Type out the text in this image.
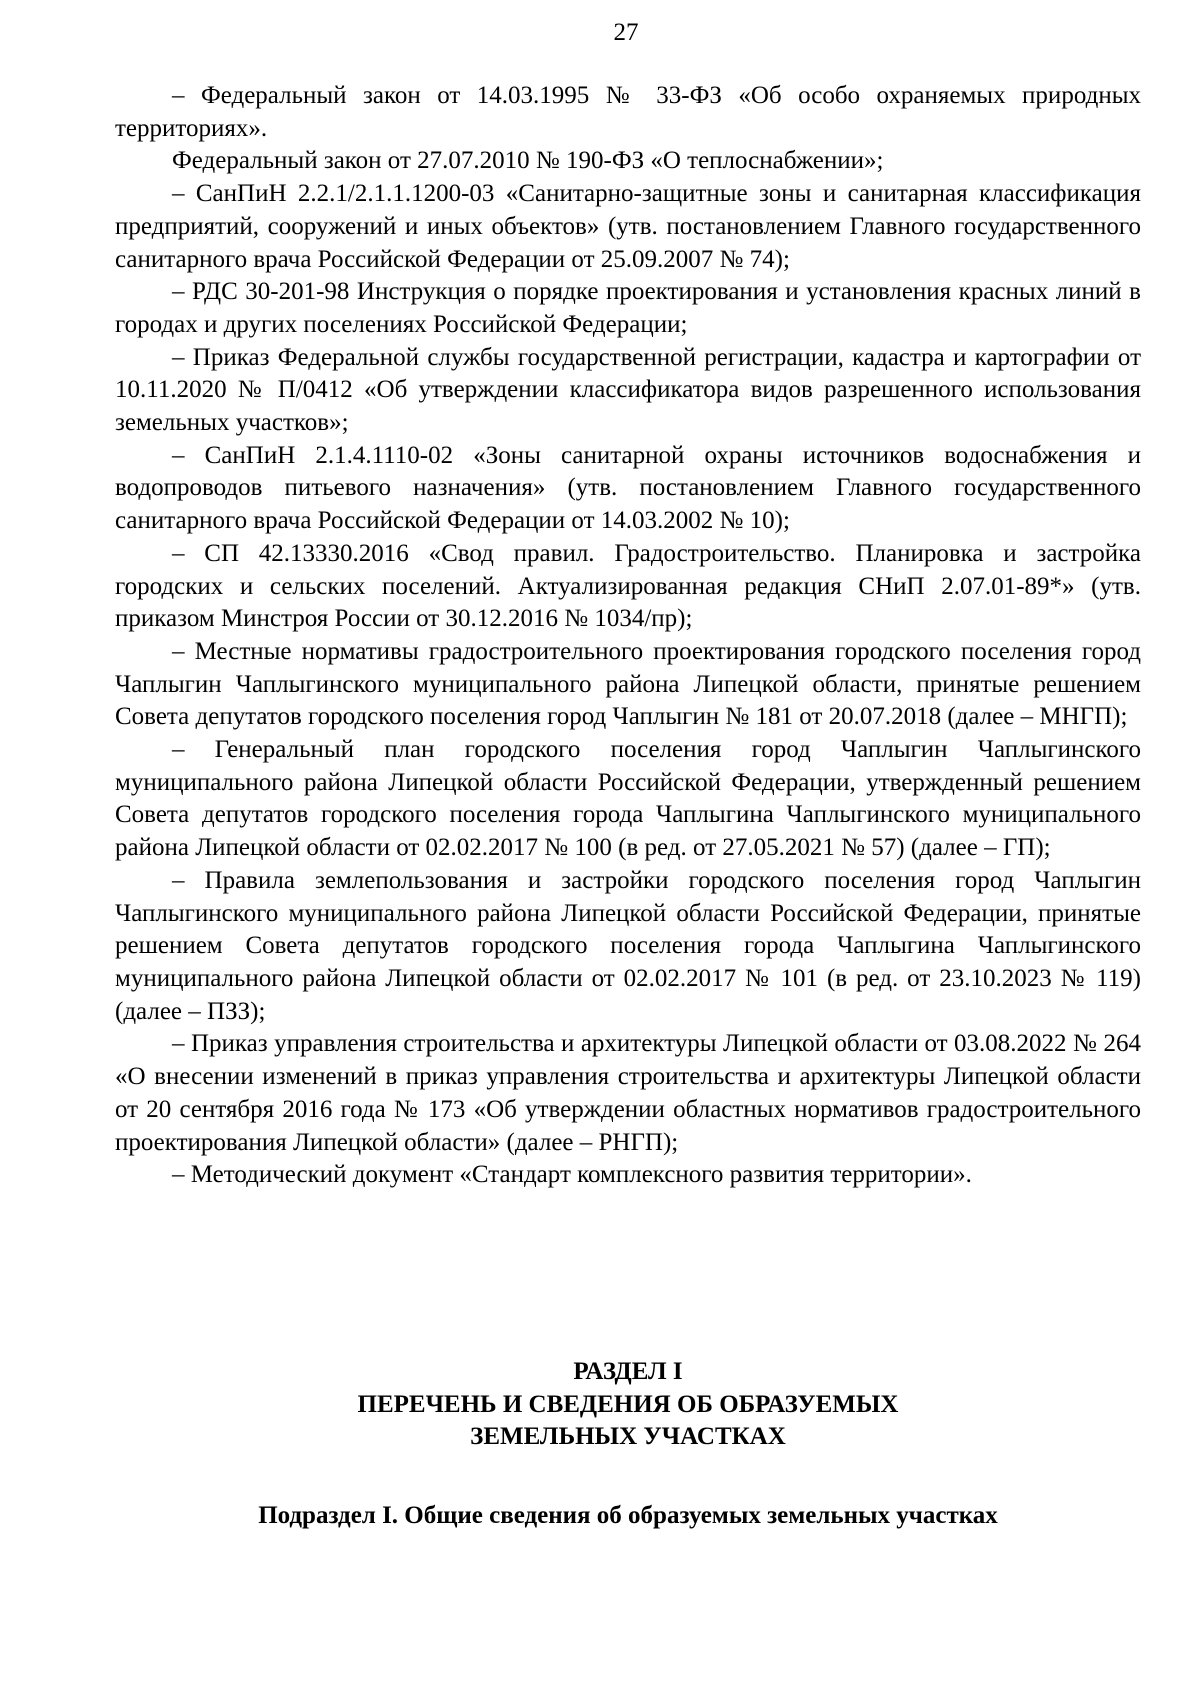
27

– Федеральный закон от 14.03.1995 № 33-ФЗ «Об особо охраняемых природных территориях».

Федеральный закон от 27.07.2010 № 190-ФЗ «О теплоснабжении»;

– СанПиН 2.2.1/2.1.1.1200-03 «Санитарно-защитные зоны и санитарная классификация предприятий, сооружений и иных объектов» (утв. постановлением Главного государственного санитарного врача Российской Федерации от 25.09.2007 № 74);

– РДС 30-201-98 Инструкция о порядке проектирования и установления красных линий в городах и других поселениях Российской Федерации;

– Приказ Федеральной службы государственной регистрации, кадастра и картографии от 10.11.2020 № П/0412 «Об утверждении классификатора видов разрешенного использования земельных участков»;

– СанПиН 2.1.4.1110-02 «Зоны санитарной охраны источников водоснабжения и водопроводов питьевого назначения» (утв. постановлением Главного государственного санитарного врача Российской Федерации от 14.03.2002 № 10);

– СП 42.13330.2016 «Свод правил. Градостроительство. Планировка и застройка городских и сельских поселений. Актуализированная редакция СНиП 2.07.01-89*» (утв. приказом Минстроя России от 30.12.2016 № 1034/пр);

– Местные нормативы градостроительного проектирования городского поселения город Чаплыгин Чаплыгинского муниципального района Липецкой области, принятые решением Совета депутатов городского поселения город Чаплыгин № 181 от 20.07.2018 (далее – МНГП);

– Генеральный план городского поселения город Чаплыгин Чаплыгинского муниципального района Липецкой области Российской Федерации, утвержденный решением Совета депутатов городского поселения города Чаплыгина Чаплыгинского муниципального района Липецкой области от 02.02.2017 № 100 (в ред. от 27.05.2021 № 57) (далее – ГП);

– Правила землепользования и застройки городского поселения город Чаплыгин Чаплыгинского муниципального района Липецкой области Российской Федерации, принятые решением Совета депутатов городского поселения города Чаплыгина Чаплыгинского муниципального района Липецкой области от 02.02.2017 № 101 (в ред. от 23.10.2023 № 119) (далее – ПЗЗ);

– Приказ управления строительства и архитектуры Липецкой области от 03.08.2022 № 264 «О внесении изменений в приказ управления строительства и архитектуры Липецкой области от 20 сентября 2016 года № 173 «Об утверждении областных нормативов градостроительного проектирования Липецкой области» (далее – РНГП);

– Методический документ «Стандарт комплексного развития территории».

РАЗДЕЛ I
ПЕРЕЧЕНЬ И СВЕДЕНИЯ ОБ ОБРАЗУЕМЫХ
ЗЕМЕЛЬНЫХ УЧАСТКАХ
Подраздел I. Общие сведения об образуемых земельных участках
